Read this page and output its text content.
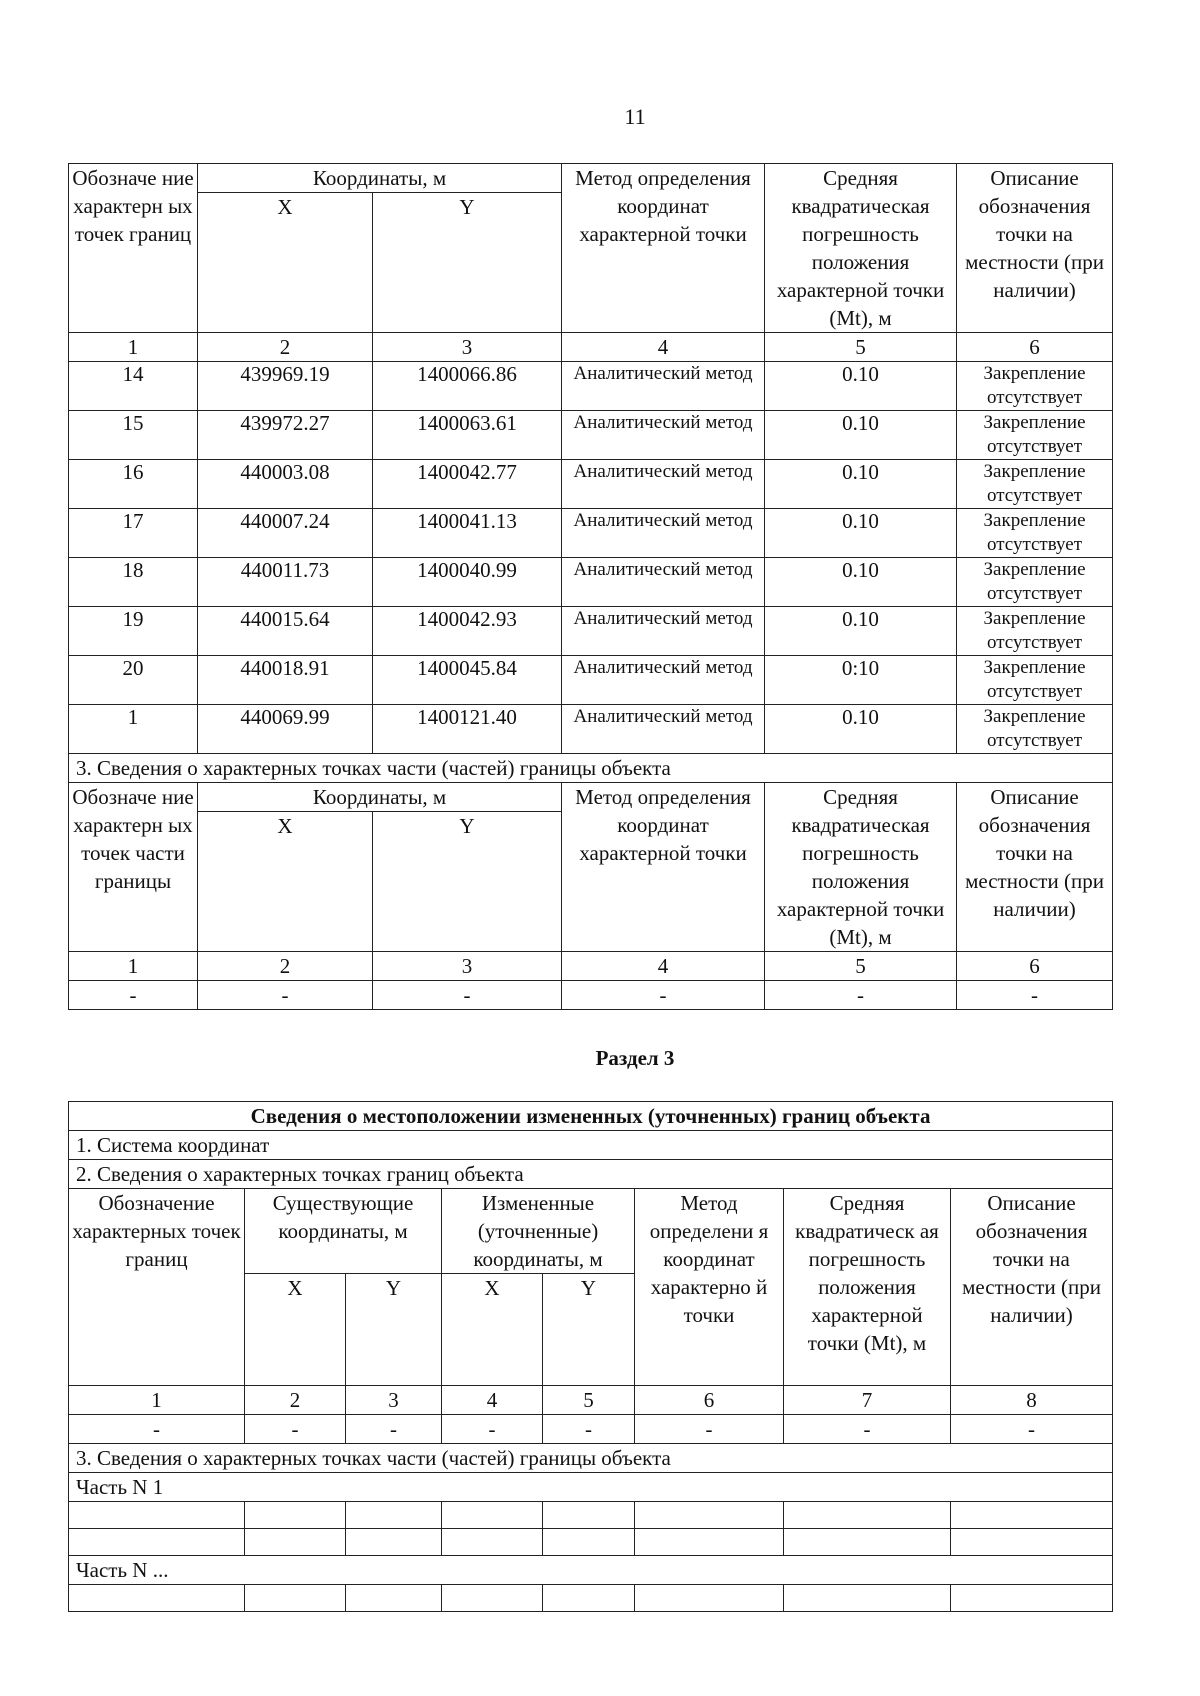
11
Обозначе ние характерн ых точек границ	Координаты, м		Метод определения координат характерной точки	Средняя квадратическая погрешность положения характерной точки (Mt), м	Описание обозначения точки на местности (при наличии)
	X	Y			
1	2	3	4	5	6
14	439969.19	1400066.86	Аналитический метод	0.10	Закрепление отсутствует
15	439972.27	1400063.61	Аналитический метод	0.10	Закрепление отсутствует
16	440003.08	1400042.77	Аналитический метод	0.10	Закрепление отсутствует
17	440007.24	1400041.13	Аналитический метод	0.10	Закрепление отсутствует
18	440011.73	1400040.99	Аналитический метод	0.10	Закрепление отсутствует
19	440015.64	1400042.93	Аналитический метод	0.10	Закрепление отсутствует
20	440018.91	1400045.84	Аналитический метод	0:10	Закрепление отсутствует
1	440069.99	1400121.40	Аналитический метод	0.10	Закрепление отсутствует
3. Сведения о характерных точках части (частей) границы объекта					
Обозначе ние характерн ых точек части границы	Координаты, м		Метод определения координат характерной точки	Средняя квадратическая погрешность положения характерной точки (Mt), м	Описание обозначения точки на местности (при наличии)
	X	Y			
1	2	3	4	5	6
-	-	-	-	-	-
Раздел 3
Сведения о местоположении измененных (уточненных) границ объекта							
1. Система координат							
2. Сведения о характерных точках границ объекта							
Обозначение характерных точек границ	Существующие координаты, м		Измененные (уточненные) координаты, м		Метод определени я координат характерно й точки	Средняя квадратическ ая погрешность положения характерной точки (Mt), м	Описание обозначения точки на местности (при наличии)
	X	Y	X	Y			
1	2	3	4	5	6	7	8
-	-	-	-	-	-	-	-
3. Сведения о характерных точках части (частей) границы объекта							
Часть N 1							

Часть N ...							
